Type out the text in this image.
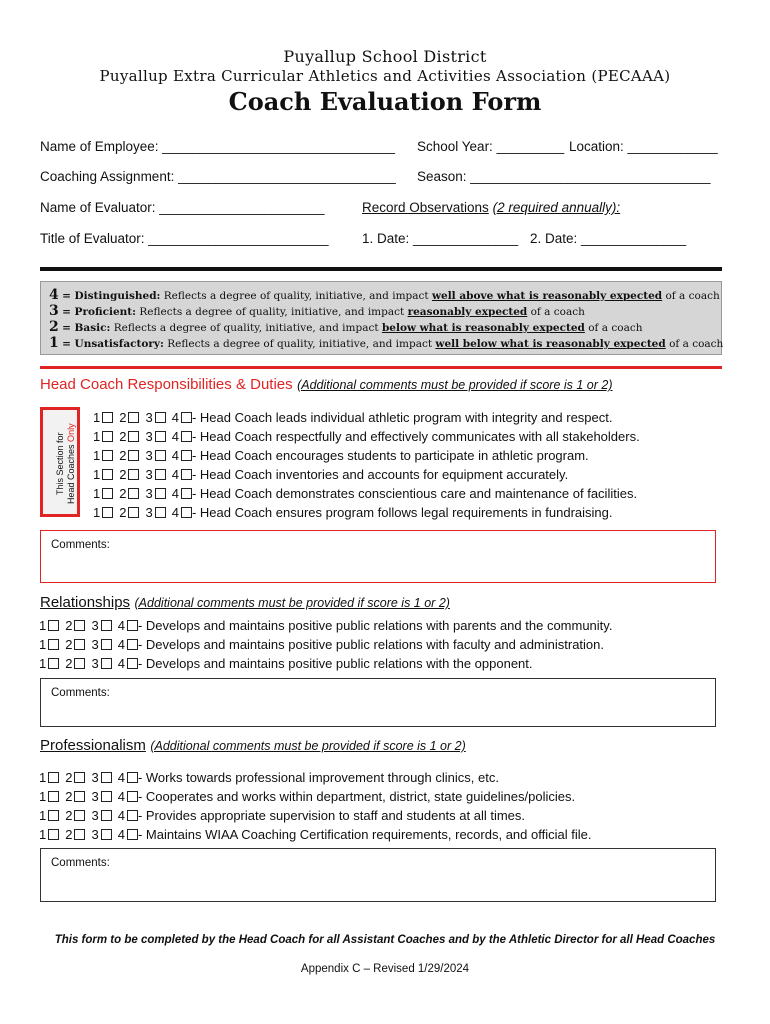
Puyallup School District
Puyallup Extra Curricular Athletics and Activities Association (PECAAA)
Coach Evaluation Form
Name of Employee: _______________________________ School Year: _________ Location: ____________
Coaching Assignment: _____________________________ Season: ________________________________
Name of Evaluator: ______________________	Record Observations (2 required annually):
Title of Evaluator: ________________________ 1. Date: ______________ 2. Date: ______________
4 = Distinguished: Reflects a degree of quality, initiative, and impact well above what is reasonably expected of a coach
3 = Proficient: Reflects a degree of quality, initiative, and impact reasonably expected of a coach
2 = Basic: Reflects a degree of quality, initiative, and impact below what is reasonably expected of a coach
1 = Unsatisfactory: Reflects a degree of quality, initiative, and impact well below what is reasonably expected of a coach
Head Coach Responsibilities & Duties (Additional comments must be provided if score is 1 or 2)
This Section for Head Coaches Only
1 2 3 4 - Head Coach leads individual athletic program with integrity and respect.
1 2 3 4 - Head Coach respectfully and effectively communicates with all stakeholders.
1 2 3 4 - Head Coach encourages students to participate in athletic program.
1 2 3 4 - Head Coach inventories and accounts for equipment accurately.
1 2 3 4 - Head Coach demonstrates conscientious care and maintenance of facilities.
1 2 3 4 - Head Coach ensures program follows legal requirements in fundraising.
Comments:
Relationships (Additional comments must be provided if score is 1 or 2)
1 2 3 4 - Develops and maintains positive public relations with parents and the community.
1 2 3 4 - Develops and maintains positive public relations with faculty and administration.
1 2 3 4 - Develops and maintains positive public relations with the opponent.
Comments:
Professionalism (Additional comments must be provided if score is 1 or 2)
1 2 3 4 - Works towards professional improvement through clinics, etc.
1 2 3 4 - Cooperates and works within department, district, state guidelines/policies.
1 2 3 4 - Provides appropriate supervision to staff and students at all times.
1 2 3 4 - Maintains WIAA Coaching Certification requirements, records, and official file.
Comments:
This form to be completed by the Head Coach for all Assistant Coaches and by the Athletic Director for all Head Coaches
Appendix C – Revised 1/29/2024
